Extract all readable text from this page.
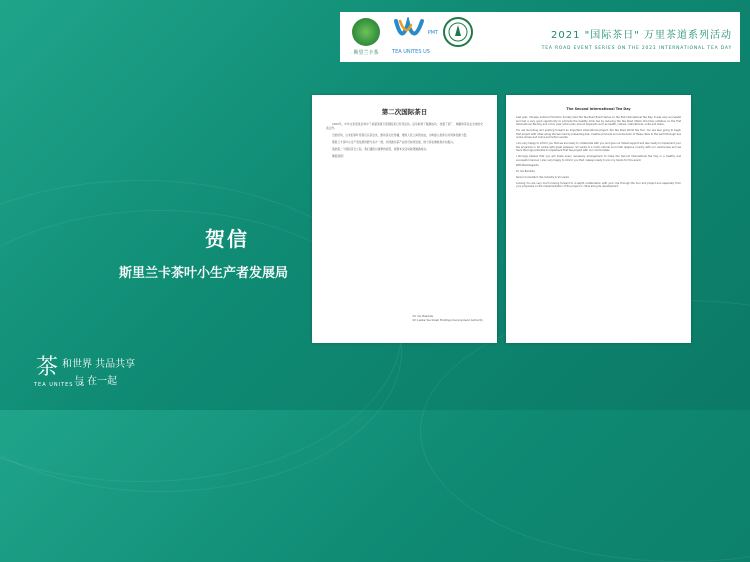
斯里兰卡茶
PMT
TEA UNITES US
2021 "国际茶日" 万里茶道系列活动
TEA ROAD EVENT SERIES ON THE 2021 INTERNATIONAL TEA DAY
贺信
斯里兰卡茶叶小生产者发展局
茶
TEA UNITES US
和世界 共品共享
与 在一起
第二次国际茶日

2020年，中华文化促进会举办了首届茶道万里国际茶日系列活动。活动取得了圆满成功，加强了茶厂、城镇和茶区在全球的交流合作。

当此时刻，古老的茶叶使者们以茶会友，推动茶文化传播，增进人民之间的友谊，为构建人类命运共同体贡献力量。

斯里兰卡茶叶小生产者发展局愿与各方一道，共同推动茶产业的可持续发展，助力茶农增收和乡村振兴。

值此第二个国际茶日之际，我们谨致以诚挚的祝贺，祝愿本次活动取得圆满成功。

顺祝商祺！

Dr. GG Bandula
Sri Lanka Tea Small Holdings Development Authority
The Second International Tea Day

Last year, Chinese Culture Promotion Society held the Tea Road Event Series on the first International Tea Day. It was very successful and had a very good opportunity to promote the healthy drink tea by reducing the Tea Road (Wanli Cha Dao) initiative on the first International Tea Day and a four year action plan around keywords such as health, culture, international, unite and share.

You are launching and pushing forward an important international project, the Tea Road World Tea Tour. You are also going to begin that project with cities along the tea road by presenting tea, creative products and ecotourism of these cities to the world through live online shows and online promotion events.

I am very happy to inform you that we are ready to collaborate with you and give our fullest support and also ready to implement your tea programs in Sri Lanka with great pleasure. Sri Lanka is a multi cultural and multi religious country with our ceremonies and we have the huge potential to implement that tea project with our communities.

I strongly believe that you will make every necessary arrangement to make the Second International Tea Day in a healthy and successful manner. I also very happy to inform you that I always ready to join my hands for this event.

With Best Regards,

Dr. GG Bandula

Senior Consultant, Tea Industry & Sri Lanka

Loosing You are very much looking forward to in-depth collaboration with your role through the tour and project and especially from your proposals on the implementation of the project in cities along its development.
